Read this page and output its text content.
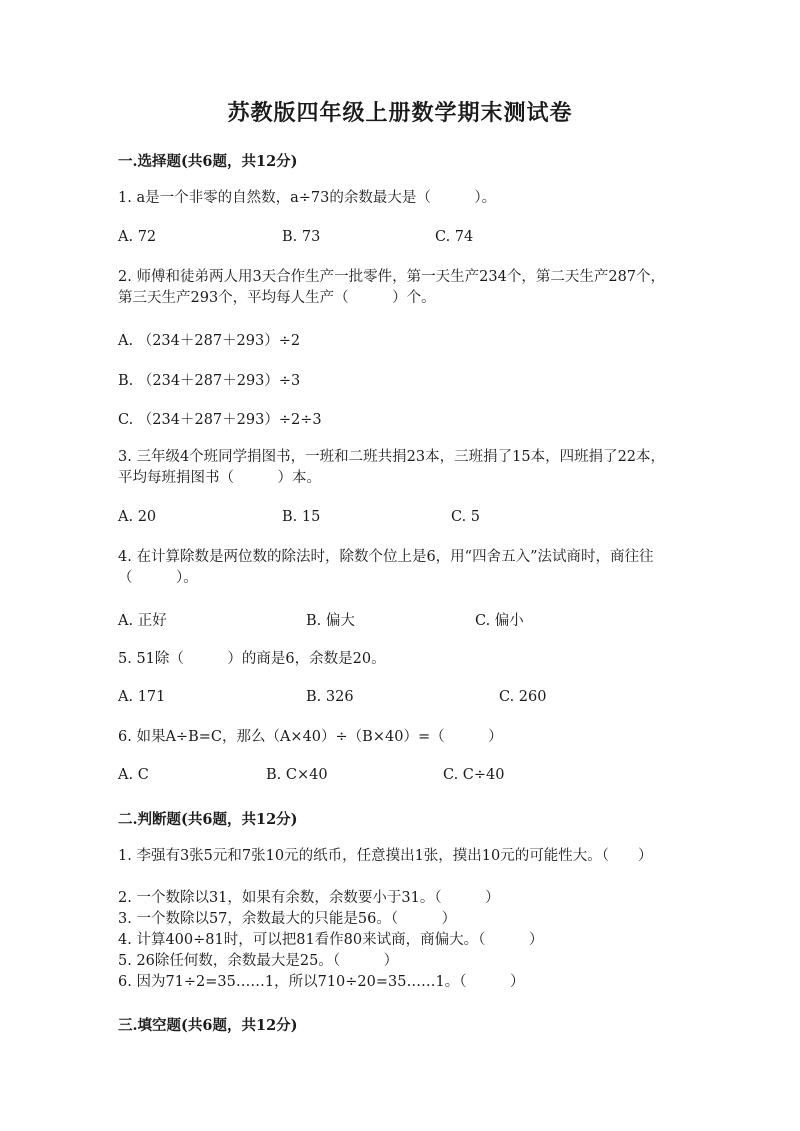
苏教版四年级上册数学期末测试卷
一.选择题(共6题，共12分)
1. a是一个非零的自然数，a÷73的余数最大是（　　　）。
A. 72	B. 73	C. 74
2. 师傅和徒弟两人用3天合作生产一批零件，第一天生产234个，第二天生产287个，第三天生产293个，平均每人生产（　　　）个。
A. （234＋287＋293）÷2
B. （234＋287＋293）÷3
C. （234＋287＋293）÷2÷3
3. 三年级4个班同学捐图书，一班和二班共捐23本，三班捐了15本，四班捐了22本，平均每班捐图书（　　　）本。
A. 20	B. 15	C. 5
4. 在计算除数是两位数的除法时，除数个位上是6，用“四舍五入”法试商时，商往往（　　　）。
A. 正好	B. 偏大	C. 偏小
5. 51除（　　　）的商是6，余数是20。
A. 171	B. 326	C. 260
6. 如果A÷B=C，那么（A×40）÷（B×40）=（　　　）
A. C	B. C×40	C. C÷40
二.判断题(共6题，共12分)
1. 李强有3张5元和7张10元的纸币，任意摸出1张，摸出10元的可能性大。（　　）
2. 一个数除以31，如果有余数，余数要小于31。（　　　）
3. 一个数除以57，余数最大的只能是56。（　　　）
4. 计算400÷81时，可以把81看作80来试商，商偏大。（　　　）
5. 26除任何数，余数最大是25。（　　　）
6. 因为71÷2=35……1，所以710÷20=35……1。（　　　）
三.填空题(共6题，共12分)
